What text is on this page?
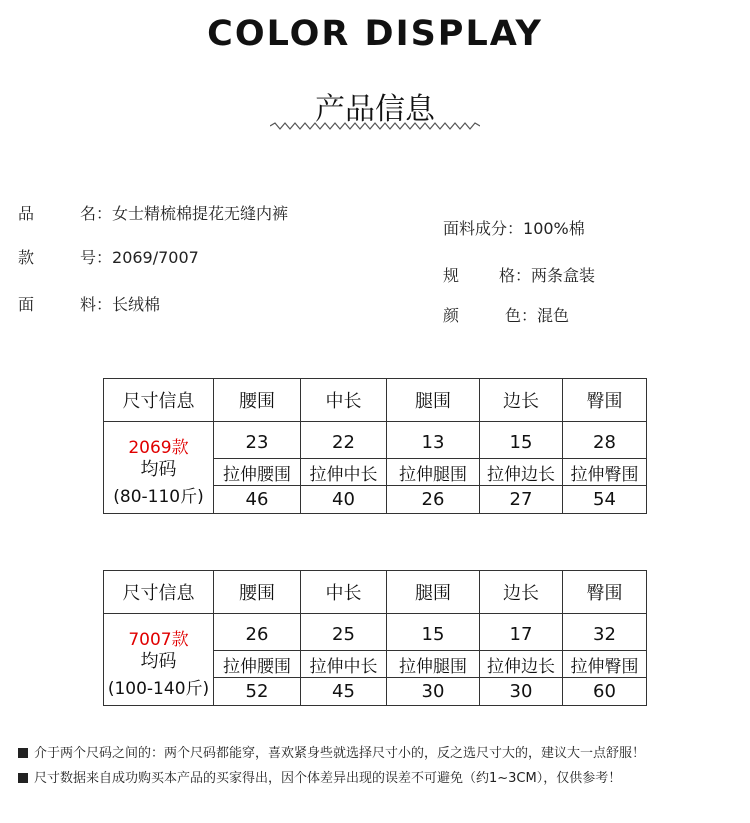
COLOR DISPLAY
产品信息
品	名：女士精梳棉提花无缝内裤
款	号：2069/7007
面	料：长绒棉
面料成分：100%棉
规 格：两条盒装
颜	色：混色
尺寸信息	腰围	中长	腿围	边长	臀围

2069款
均码
(80-110斤)	23	22	13	15	28
	拉伸腰围	拉伸中长	拉伸腿围	拉伸边长	拉伸臀围
	46	40	26	27	54
尺寸信息	腰围	中长	腿围	边长	臀围

7007款
均码
(100-140斤)	26	25	15	17	32
	拉伸腰围	拉伸中长	拉伸腿围	拉伸边长	拉伸臀围
	52	45	30	30	60
介于两个尺码之间的：两个尺码都能穿，喜欢紧身些就选择尺寸小的，反之选尺寸大的，建议大一点舒服！
尺寸数据来自成功购买本产品的买家得出，因个体差异出现的误差不可避免（约1~3CM），仅供参考！
